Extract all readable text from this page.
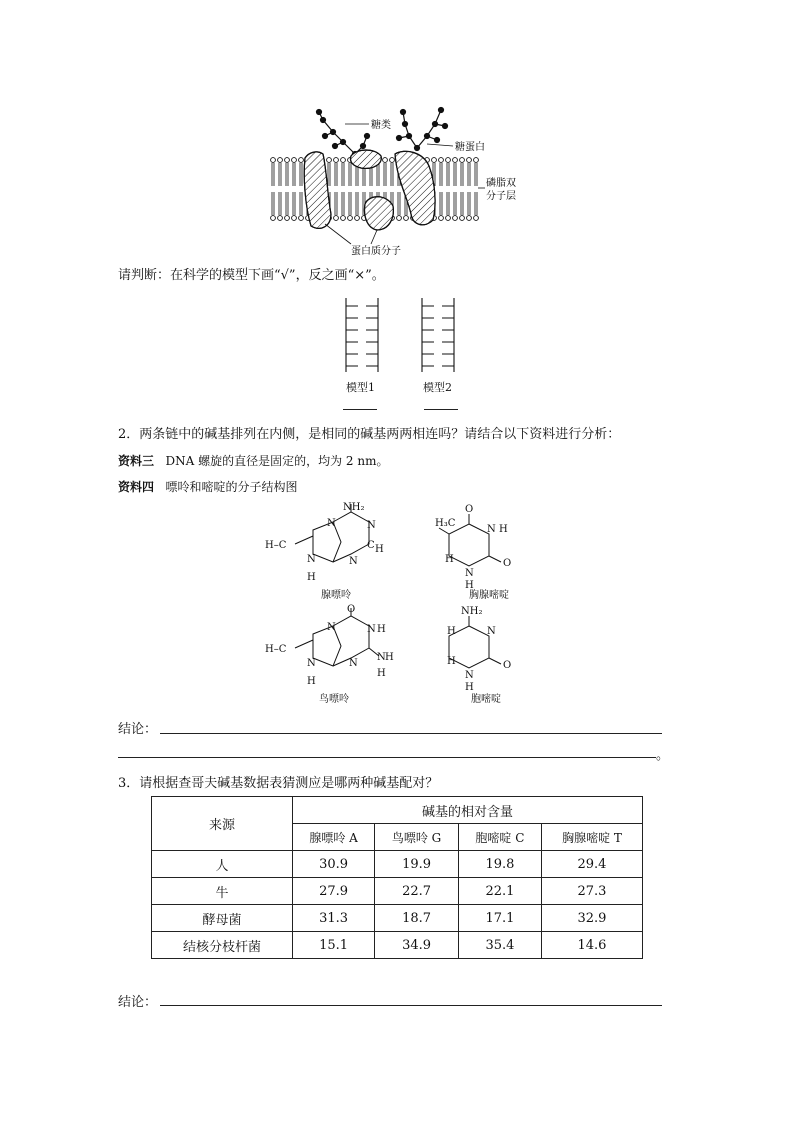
糖类
糖蛋白
磷脂双
分子层
蛋白质分子
请判断：在科学的模型下画“√”，反之画“×”。
模型1	模型2
2．两条链中的碱基排列在内侧，是相同的碱基两两相连吗？请结合以下资料进行分析：
资料三 DNA 螺旋的直径是固定的，均为 2 nm。
资料四 嘌呤和嘧啶的分子结构图
NH₂
N	N
H–C
N
C H
N
H
O
N	N H
H–C
N
N H
H
N
H
O
H₃C
N H
H
N
H
O
NH₂
H	N
H
N
H
O
腺嘌呤	胸腺嘧啶
鸟嘌呤	胞嘧啶
结论：
。
3．请根据查哥夫碱基数据表猜测应是哪两种碱基配对？
来源	碱基的相对含量			
	腺嘌呤 A	鸟嘌呤 G	胞嘧啶 C	胸腺嘧啶 T
人	30.9	19.9	19.8	29.4
牛	27.9	22.7	22.1	27.3
酵母菌	31.3	18.7	17.1	32.9
结核分枝杆菌	15.1	34.9	35.4	14.6
结论：
